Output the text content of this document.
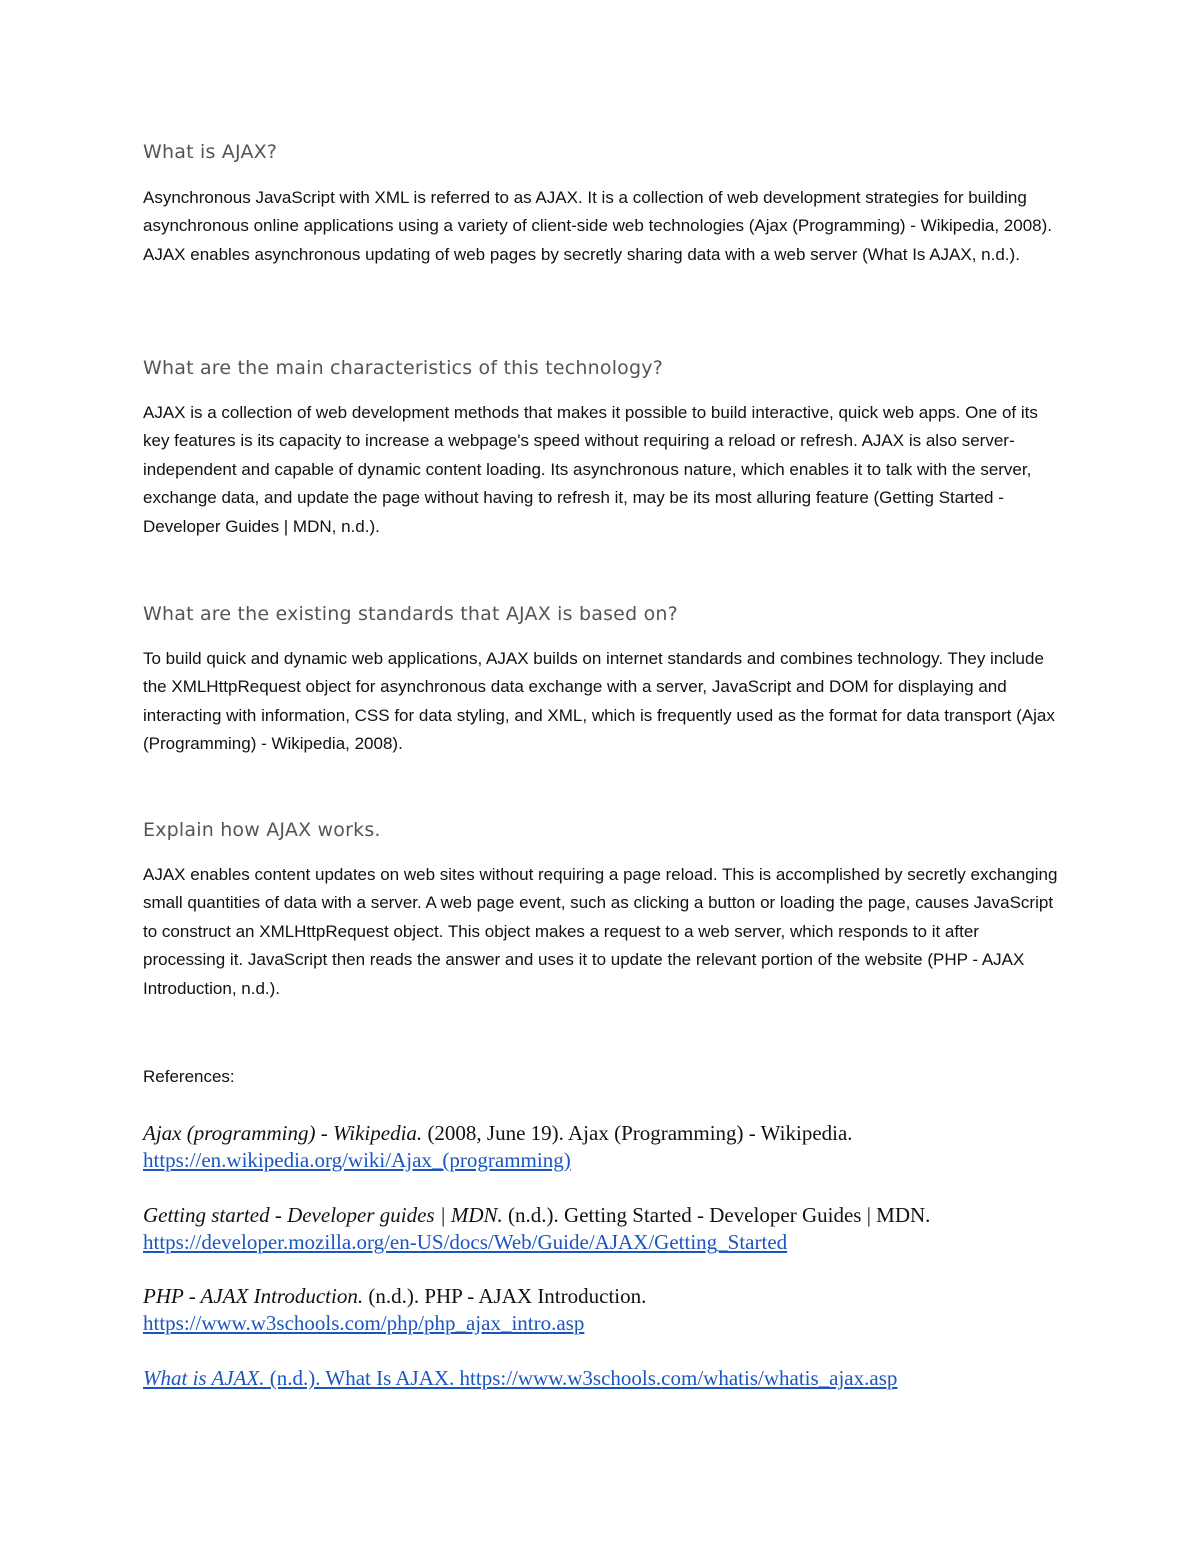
What is AJAX?

Asynchronous JavaScript with XML is referred to as AJAX. It is a collection of web development strategies for building asynchronous online applications using a variety of client-side web technologies (Ajax (Programming) - Wikipedia, 2008). AJAX enables asynchronous updating of web pages by secretly sharing data with a web server (What Is AJAX, n.d.).

What are the main characteristics of this technology?

AJAX is a collection of web development methods that makes it possible to build interactive, quick web apps. One of its key features is its capacity to increase a webpage's speed without requiring a reload or refresh. AJAX is also server-independent and capable of dynamic content loading. Its asynchronous nature, which enables it to talk with the server, exchange data, and update the page without having to refresh it, may be its most alluring feature (Getting Started - Developer Guides | MDN, n.d.).

What are the existing standards that AJAX is based on?

To build quick and dynamic web applications, AJAX builds on internet standards and combines technology. They include the XMLHttpRequest object for asynchronous data exchange with a server, JavaScript and DOM for displaying and interacting with information, CSS for data styling, and XML, which is frequently used as the format for data transport (Ajax (Programming) - Wikipedia, 2008).

Explain how AJAX works.

AJAX enables content updates on web sites without requiring a page reload. This is accomplished by secretly exchanging small quantities of data with a server. A web page event, such as clicking a button or loading the page, causes JavaScript to construct an XMLHttpRequest object. This object makes a request to a web server, which responds to it after processing it. JavaScript then reads the answer and uses it to update the relevant portion of the website (PHP - AJAX Introduction, n.d.).

References:

Ajax (programming) - Wikipedia. (2008, June 19). Ajax (Programming) - Wikipedia.
https://en.wikipedia.org/wiki/Ajax_(programming)
Getting started - Developer guides | MDN. (n.d.). Getting Started - Developer Guides | MDN.
https://developer.mozilla.org/en-US/docs/Web/Guide/AJAX/Getting_Started
PHP - AJAX Introduction. (n.d.). PHP - AJAX Introduction.
https://www.w3schools.com/php/php_ajax_intro.asp
What is AJAX. (n.d.). What Is AJAX. https://www.w3schools.com/whatis/whatis_ajax.asp
